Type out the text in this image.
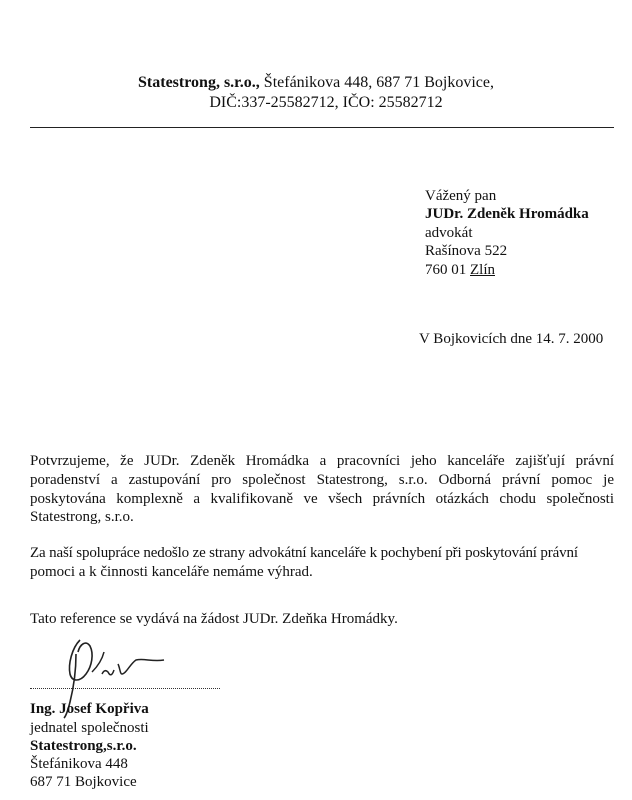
Statestrong, s.r.o., Štefánikova 448, 687 71 Bojkovice,
DIČ:337-25582712, IČO: 25582712
Vážený pan
JUDr. Zdeněk Hromádka
advokát
Rašínova 522
760 01 Zlín
V Bojkovicích dne 14. 7. 2000
Potvrzujeme, že JUDr. Zdeněk Hromádka a pracovníci jeho kanceláře zajišťují právní
poradenství a zastupování pro společnost Statestrong, s.r.o. Odborná právní pomoc je
poskytována komplexně a kvalifikovaně ve všech právních otázkách chodu společnosti
Statestrong, s.r.o.
Za naší spolupráce nedošlo ze strany advokátní kanceláře k pochybení při poskytování právní
pomoci a k činnosti kanceláře nemáme výhrad.
Tato reference se vydává na žádost JUDr. Zdeňka Hromádky.
Ing. Josef Kopřiva
jednatel společnosti
Statestrong,s.r.o.
Štefánikova 448
687 71 Bojkovice
